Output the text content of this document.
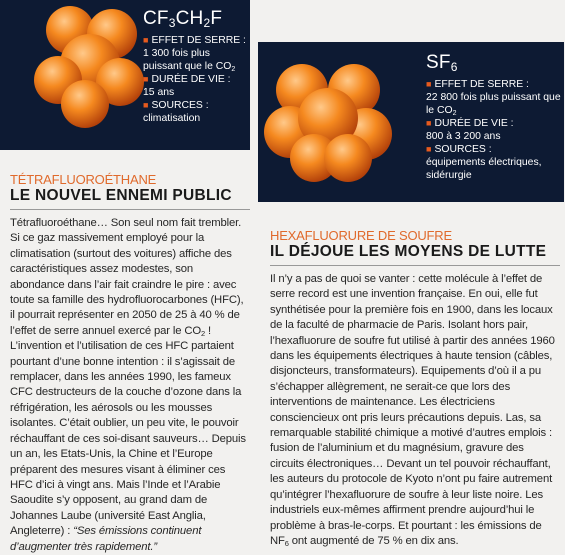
$CF_3CH_2F$
■ EFFET DE SERRE :
1 300 fois plus puissant que le $CO_2$
■ DURÉE DE VIE :
15 ans
■ SOURCES :
climatisation
$SF_6$
■ EFFET DE SERRE :
22 800 fois plus puissant que le $CO_2$
■ DURÉE DE VIE :
800 à 3 200 ans
■ SOURCES :
équipements électriques, sidérurgie
TÉTRAFLUOROÉTHANE
LE NOUVEL ENNEMI PUBLIC
Tétrafluoroéthane… Son seul nom fait trembler. Si ce gaz massivement employé pour la climatisation (surtout des voitures) affiche des caractéristiques assez modestes, son abondance dans l’air fait craindre le pire : avec toute sa famille des hydrofluorocarbones (HFC), il pourrait représenter en 2050 de 25 à 40 % de l’effet de serre annuel exercé par le $CO_2$ ! L’invention et l’utilisation de ces HFC partaient pourtant d’une bonne intention : il s’agissait de remplacer, dans les années 1990, les fameux CFC destructeurs de la couche d’ozone dans la réfrigération, les aérosols ou les mousses isolantes. C’était oublier, un peu vite, le pouvoir réchauffant de ces soi-disant sauveurs… Depuis un an, les Etats-Unis, la Chine et l’Europe préparent des mesures visant à éliminer ces HFC d’ici à vingt ans. Mais l’Inde et l’Arabie Saoudite s’y opposent, au grand dam de Johannes Laube (université East Anglia, Angleterre) : “Ses émissions continuent d’augmenter très rapidement.”
HEXAFLUORURE DE SOUFRE
IL DÉJOUE LES MOYENS DE LUTTE
Il n’y a pas de quoi se vanter : cette molécule à l’effet de serre record est une invention française. En oui, elle fut synthétisée pour la première fois en 1900, dans les locaux de la faculté de pharmacie de Paris. Isolant hors pair, l’hexafluorure de soufre fut utilisé à partir des années 1960 dans les équipements électriques à haute tension (câbles, disjoncteurs, transformateurs). Equipements d’où il a pu s’échapper allègrement, ne serait-ce que lors des interventions de maintenance. Les électriciens consciencieux ont pris leurs précautions depuis. Las, sa remarquable stabilité chimique a motivé d’autres emplois : fusion de l’aluminium et du magnésium, gravure des circuits électroniques… Devant un tel pouvoir réchauffant, les auteurs du protocole de Kyoto n’ont pu faire autrement qu’intégrer l’hexafluorure de soufre à leur liste noire. Les industriels eux-mêmes affirment prendre aujourd’hui le problème à bras-le-corps. Et pourtant : les émissions de $NF_6$ ont augmenté de 75 % en dix ans.
